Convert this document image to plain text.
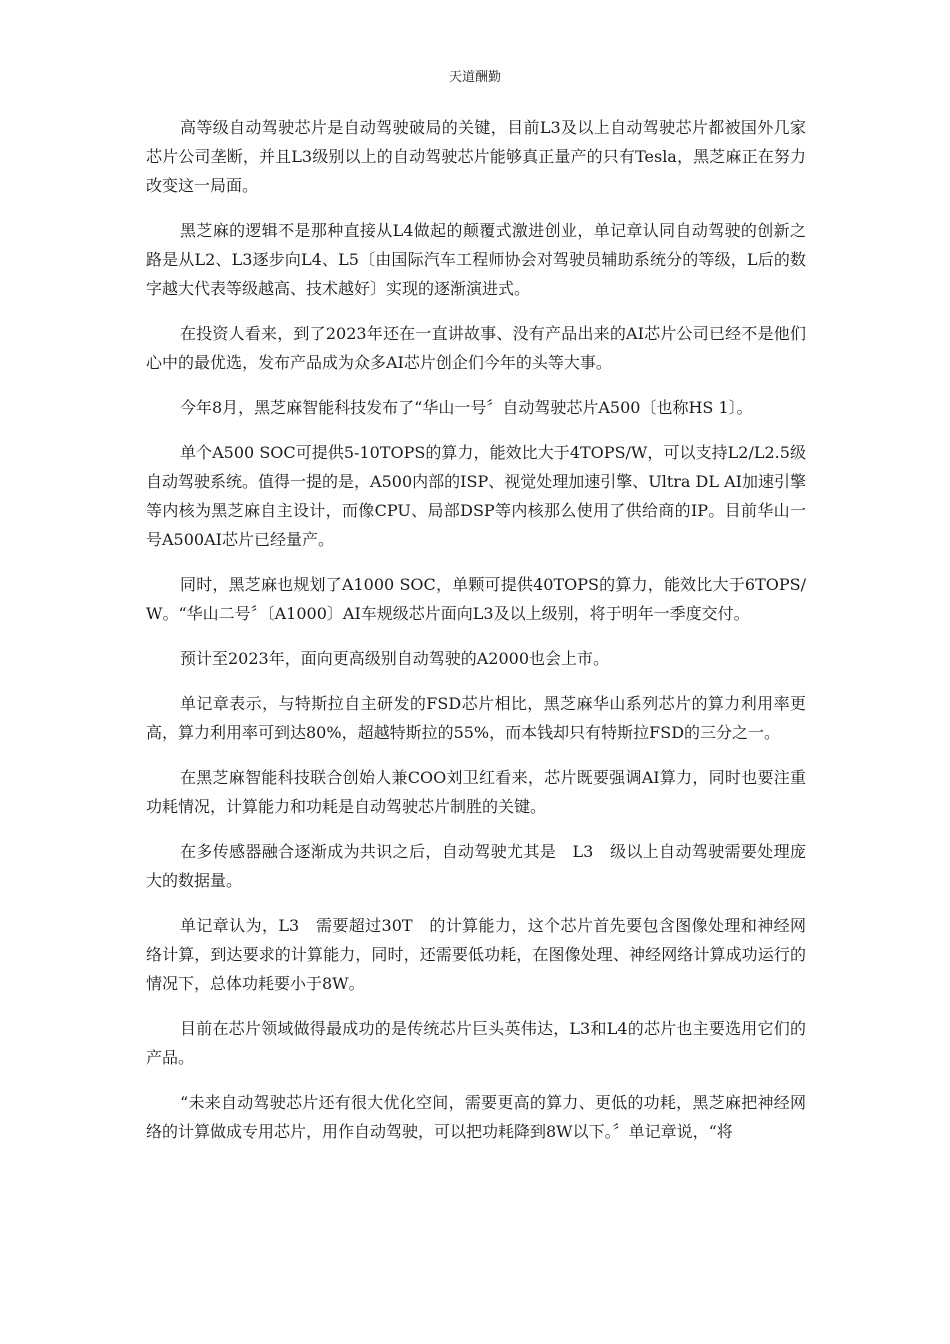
天道酬勤

高等级自动驾驶芯片是自动驾驶破局的关键，目前L3及以上自动驾驶芯片都被国外几家芯片公司垄断，并且L3级别以上的自动驾驶芯片能够真正量产的只有Tesla，黑芝麻正在努力改变这一局面。

黑芝麻的逻辑不是那种直接从L4做起的颠覆式激进创业，单记章认同自动驾驶的创新之路是从L2、L3逐步向L4、L5〔由国际汽车工程师协会对驾驶员辅助系统分的等级，L后的数字越大代表等级越高、技术越好〕实现的逐渐演进式。

在投资人看来，到了2023年还在一直讲故事、没有产品出来的AI芯片公司已经不是他们心中的最优选，发布产品成为众多AI芯片创企们今年的头等大事。

今年8月，黑芝麻智能科技发布了“华山一号〞自动驾驶芯片A500〔也称HS 1〕。

单个A500 SOC可提供5-10TOPS的算力，能效比大于4TOPS/W，可以支持L2/L2.5级自动驾驶系统。值得一提的是，A500内部的ISP、视觉处理加速引擎、Ultra DL AI加速引擎等内核为黑芝麻自主设计，而像CPU、局部DSP等内核那么使用了供给商的IP。目前华山一号A500AI芯片已经量产。

同时，黑芝麻也规划了A1000 SOC，单颗可提供40TOPS的算力，能效比大于6TOPS/W。“华山二号〞〔A1000〕AI车规级芯片面向L3及以上级别，将于明年一季度交付。

预计至2023年，面向更高级别自动驾驶的A2000也会上市。

单记章表示，与特斯拉自主研发的FSD芯片相比，黑芝麻华山系列芯片的算力利用率更高，算力利用率可到达80%，超越特斯拉的55%，而本钱却只有特斯拉FSD的三分之一。

在黑芝麻智能科技联合创始人兼COO刘卫红看来，芯片既要强调AI算力，同时也要注重功耗情况，计算能力和功耗是自动驾驶芯片制胜的关键。

在多传感器融合逐渐成为共识之后，自动驾驶尤其是　L3　级以上自动驾驶需要处理庞大的数据量。

单记章认为，L3　需要超过30T　的计算能力，这个芯片首先要包含图像处理和神经网络计算，到达要求的计算能力，同时，还需要低功耗，在图像处理、神经网络计算成功运行的情况下，总体功耗要小于8W。

目前在芯片领域做得最成功的是传统芯片巨头英伟达，L3和L4的芯片也主要选用它们的产品。

“未来自动驾驶芯片还有很大优化空间，需要更高的算力、更低的功耗，黑芝麻把神经网络的计算做成专用芯片，用作自动驾驶，可以把功耗降到8W以下。〞单记章说，“将
